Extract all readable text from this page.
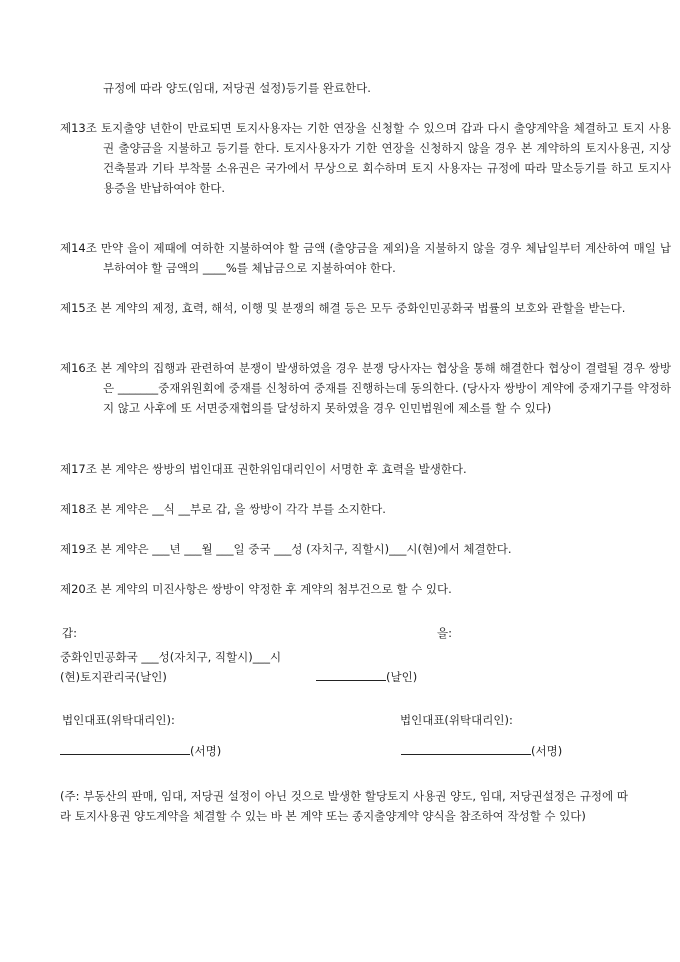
규정에 따라 양도(임대, 저당권 설정)등기를 완료한다.
제13조 토지출양 년한이 만료되면 토지사용자는 기한 연장을 신청할 수 있으며 갑과 다시 출양계약을 체결하고 토지 사용권 출양금을 지불하고 등기를 한다. 토지사용자가 기한 연장을 신청하지 않을 경우 본 계약하의 토지사용권, 지상건축물과 기타 부착물 소유권은 국가에서 무상으로 회수하며 토지 사용자는 규정에 따라 말소등기를 하고 토지사용증을 반납하여야 한다.
제14조 만약 을이 제때에 여하한 지불하여야 할 금액 (출양금을 제외)을 지불하지 않을 경우 체납일부터 계산하여 매일 납부하여야 할 금액의 ____%를 체납금으로 지불하여야 한다.
제15조 본 계약의 제정, 효력, 해석, 이행 및 분쟁의 해결 등은 모두 중화인민공화국 법률의 보호와 관할을 받는다.
제16조 본 계약의 집행과 관련하여 분쟁이 발생하였을 경우 분쟁 당사자는 협상을 통해 해결한다 협상이 결렬될 경우 쌍방은 _______중재위원회에 중재를 신청하여 중재를 진행하는데 동의한다. (당사자 쌍방이 계약에 중재기구를 약정하지 않고 사후에 또 서면중재협의를 달성하지 못하였을 경우 인민법원에 제소를 할 수 있다)
제17조 본 계약은 쌍방의 법인대표 권한위임대리인이 서명한 후 효력을 발생한다.
제18조 본 계약은 __식 __부로 갑, 을 쌍방이 각각 부를 소지한다.
제19조 본 계약은 ___년 ___월 ___일 중국 ___성 (자치구, 직할시)___시(현)에서 체결한다.
제20조 본 계약의 미진사항은 쌍방이 약정한 후 계약의 첨부건으로 할 수 있다.
갑:	을:
중화인민공화국 ___성(자치구, 직할시)___시
(현)토지관리국(날인)	(날인)
법인대표(위탁대리인):	법인대표(위탁대리인):
(서명)	(서명)
(주: 부동산의 판매, 임대, 저당권 설정이 아닌 것으로 발생한 할당토지 사용권 양도, 임대, 저당권설정은 규정에 따라 토지사용권 양도계약을 체결할 수 있는 바 본 계약 또는 종지출양계약 양식을 참조하여 작성할 수 있다)
